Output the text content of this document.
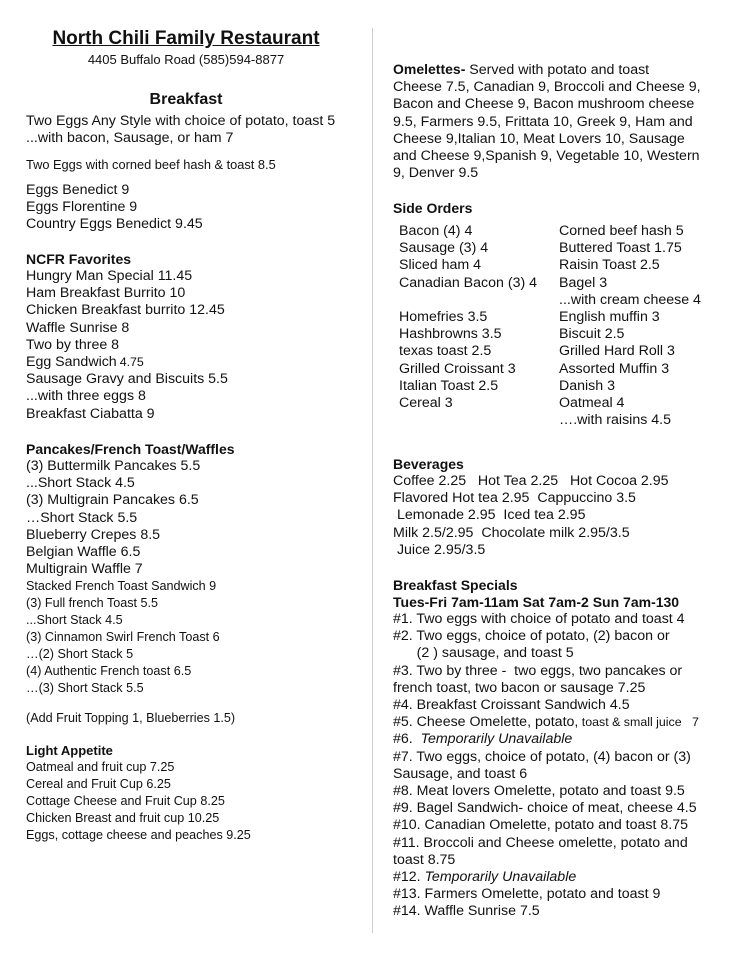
North Chili Family Restaurant
4405 Buffalo Road (585)594-8877
Breakfast
Two Eggs Any Style with choice of potato, toast 5
...with bacon, Sausage, or ham 7
Two Eggs with corned beef hash & toast 8.5
Eggs Benedict 9
Eggs Florentine 9
Country Eggs Benedict 9.45
NCFR Favorites
Hungry Man Special 11.45
Ham Breakfast Burrito 10
Chicken Breakfast burrito 12.45
Waffle Sunrise 8
Two by three 8
Egg Sandwich 4.75
Sausage Gravy and Biscuits 5.5
...with three eggs 8
Breakfast Ciabatta 9
Pancakes/French Toast/Waffles
(3) Buttermilk Pancakes 5.5
...Short Stack 4.5
(3) Multigrain Pancakes 6.5
…Short Stack 5.5
Blueberry Crepes 8.5
Belgian Waffle 6.5
Multigrain Waffle 7
Stacked French Toast Sandwich 9
(3) Full french Toast 5.5
...Short Stack 4.5
(3) Cinnamon Swirl French Toast 6
…(2) Short Stack 5
(4) Authentic French toast 6.5
…(3) Short Stack 5.5
(Add Fruit Topping 1, Blueberries 1.5)
Light Appetite
Oatmeal and fruit cup 7.25
Cereal and Fruit Cup 6.25
Cottage Cheese and Fruit Cup 8.25
Chicken Breast and fruit cup 10.25
Eggs, cottage cheese and peaches 9.25
Omelettes- Served with potato and toast
Cheese 7.5, Canadian 9, Broccoli and Cheese 9,
Bacon and Cheese 9, Bacon mushroom cheese
9.5, Farmers 9.5, Frittata 10, Greek 9, Ham and
Cheese 9,Italian 10, Meat Lovers 10, Sausage
and Cheese 9,Spanish 9, Vegetable 10, Western
9, Denver 9.5
Side Orders
Bacon (4) 4
Sausage (3) 4
Sliced ham 4
Canadian Bacon (3) 4
Homefries 3.5
Hashbrowns 3.5
texas toast 2.5
Grilled Croissant 3
Italian Toast 2.5
Cereal 3
Corned beef hash 5
Buttered Toast 1.75
Raisin Toast 2.5
Bagel 3
...with cream cheese 4
English muffin 3
Biscuit 2.5
Grilled Hard Roll 3
Assorted Muffin 3
Danish 3
Oatmeal 4
….with raisins 4.5
Beverages
Coffee 2.25   Hot Tea 2.25   Hot Cocoa 2.95
Flavored Hot tea 2.95  Cappuccino 3.5
Lemonade 2.95  Iced tea 2.95
Milk 2.5/2.95  Chocolate milk 2.95/3.5
Juice 2.95/3.5
Breakfast Specials
Tues-Fri 7am-11am Sat 7am-2 Sun 7am-130
#1. Two eggs with choice of potato and toast 4
#2. Two eggs, choice of potato, (2) bacon or
(2 ) sausage, and toast 5
#3. Two by three -  two eggs, two pancakes or
french toast, two bacon or sausage 7.25
#4. Breakfast Croissant Sandwich 4.5
#5. Cheese Omelette, potato, toast & small juice   7
#6.  Temporarily Unavailable
#7. Two eggs, choice of potato, (4) bacon or (3)
Sausage, and toast 6
#8. Meat lovers Omelette, potato and toast 9.5
#9. Bagel Sandwich- choice of meat, cheese 4.5
#10. Canadian Omelette, potato and toast 8.75
#11. Broccoli and Cheese omelette, potato and
toast 8.75
#12. Temporarily Unavailable
#13. Farmers Omelette, potato and toast 9
#14. Waffle Sunrise 7.5
